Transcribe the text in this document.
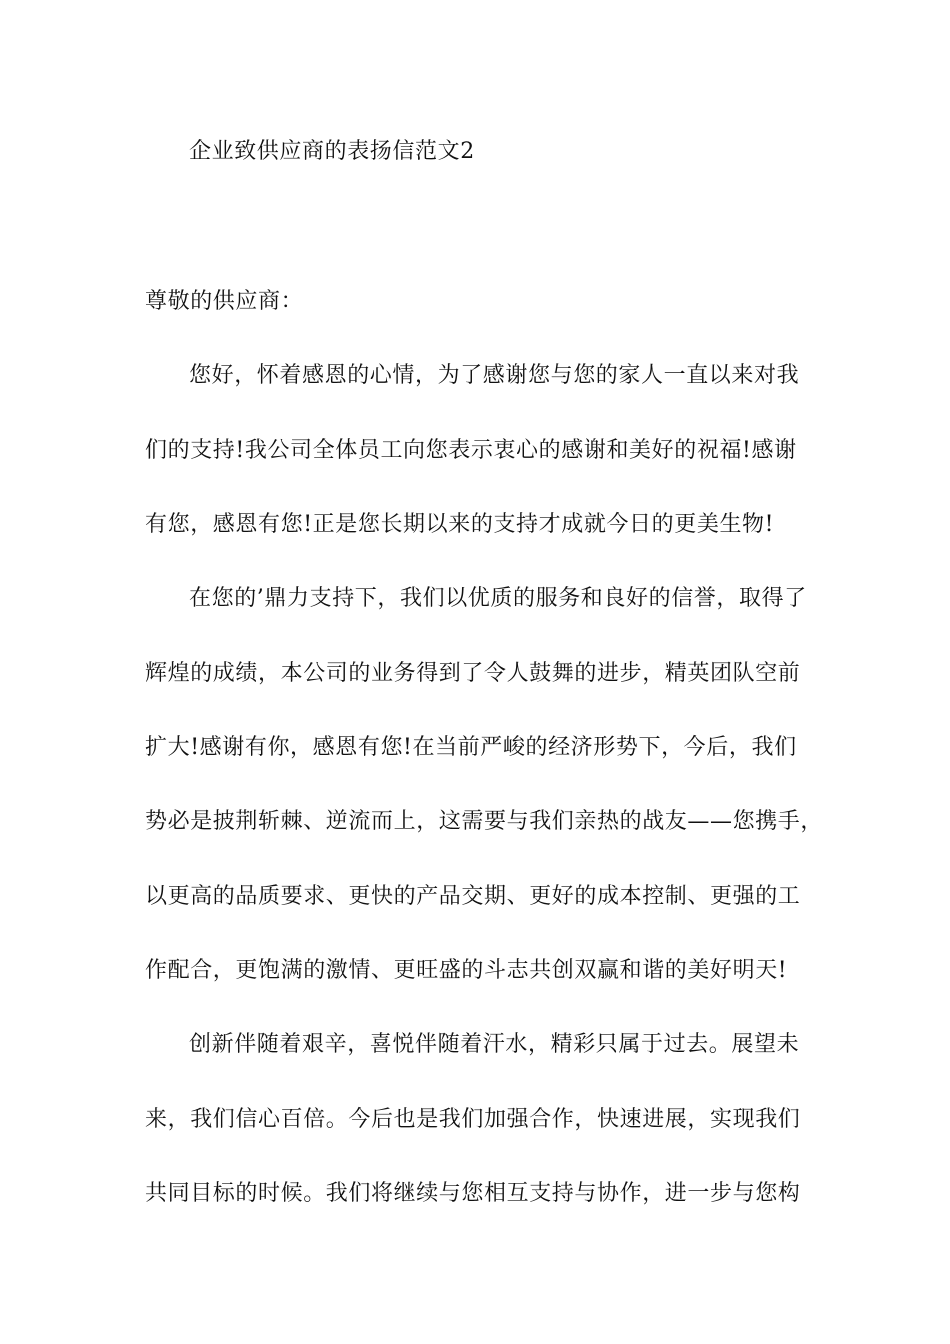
企业致供应商的表扬信范文2
尊敬的供应商：
您好，怀着感恩的心情，为了感谢您与您的家人一直以来对我
们的支持!我公司全体员工向您表示衷心的感谢和美好的祝福!感谢
有您，感恩有您!正是您长期以来的支持才成就今日的更美生物!
在您的’鼎力支持下，我们以优质的服务和良好的信誉，取得了
辉煌的成绩，本公司的业务得到了令人鼓舞的进步，精英团队空前
扩大!感谢有你，感恩有您!在当前严峻的经济形势下，今后，我们
势必是披荆斩棘、逆流而上，这需要与我们亲热的战友——您携手，
以更高的品质要求、更快的产品交期、更好的成本控制、更强的工
作配合，更饱满的激情、更旺盛的斗志共创双赢和谐的美好明天!
创新伴随着艰辛，喜悦伴随着汗水，精彩只属于过去。展望未
来，我们信心百倍。今后也是我们加强合作，快速进展，实现我们
共同目标的时候。我们将继续与您相互支持与协作，进一步与您构
